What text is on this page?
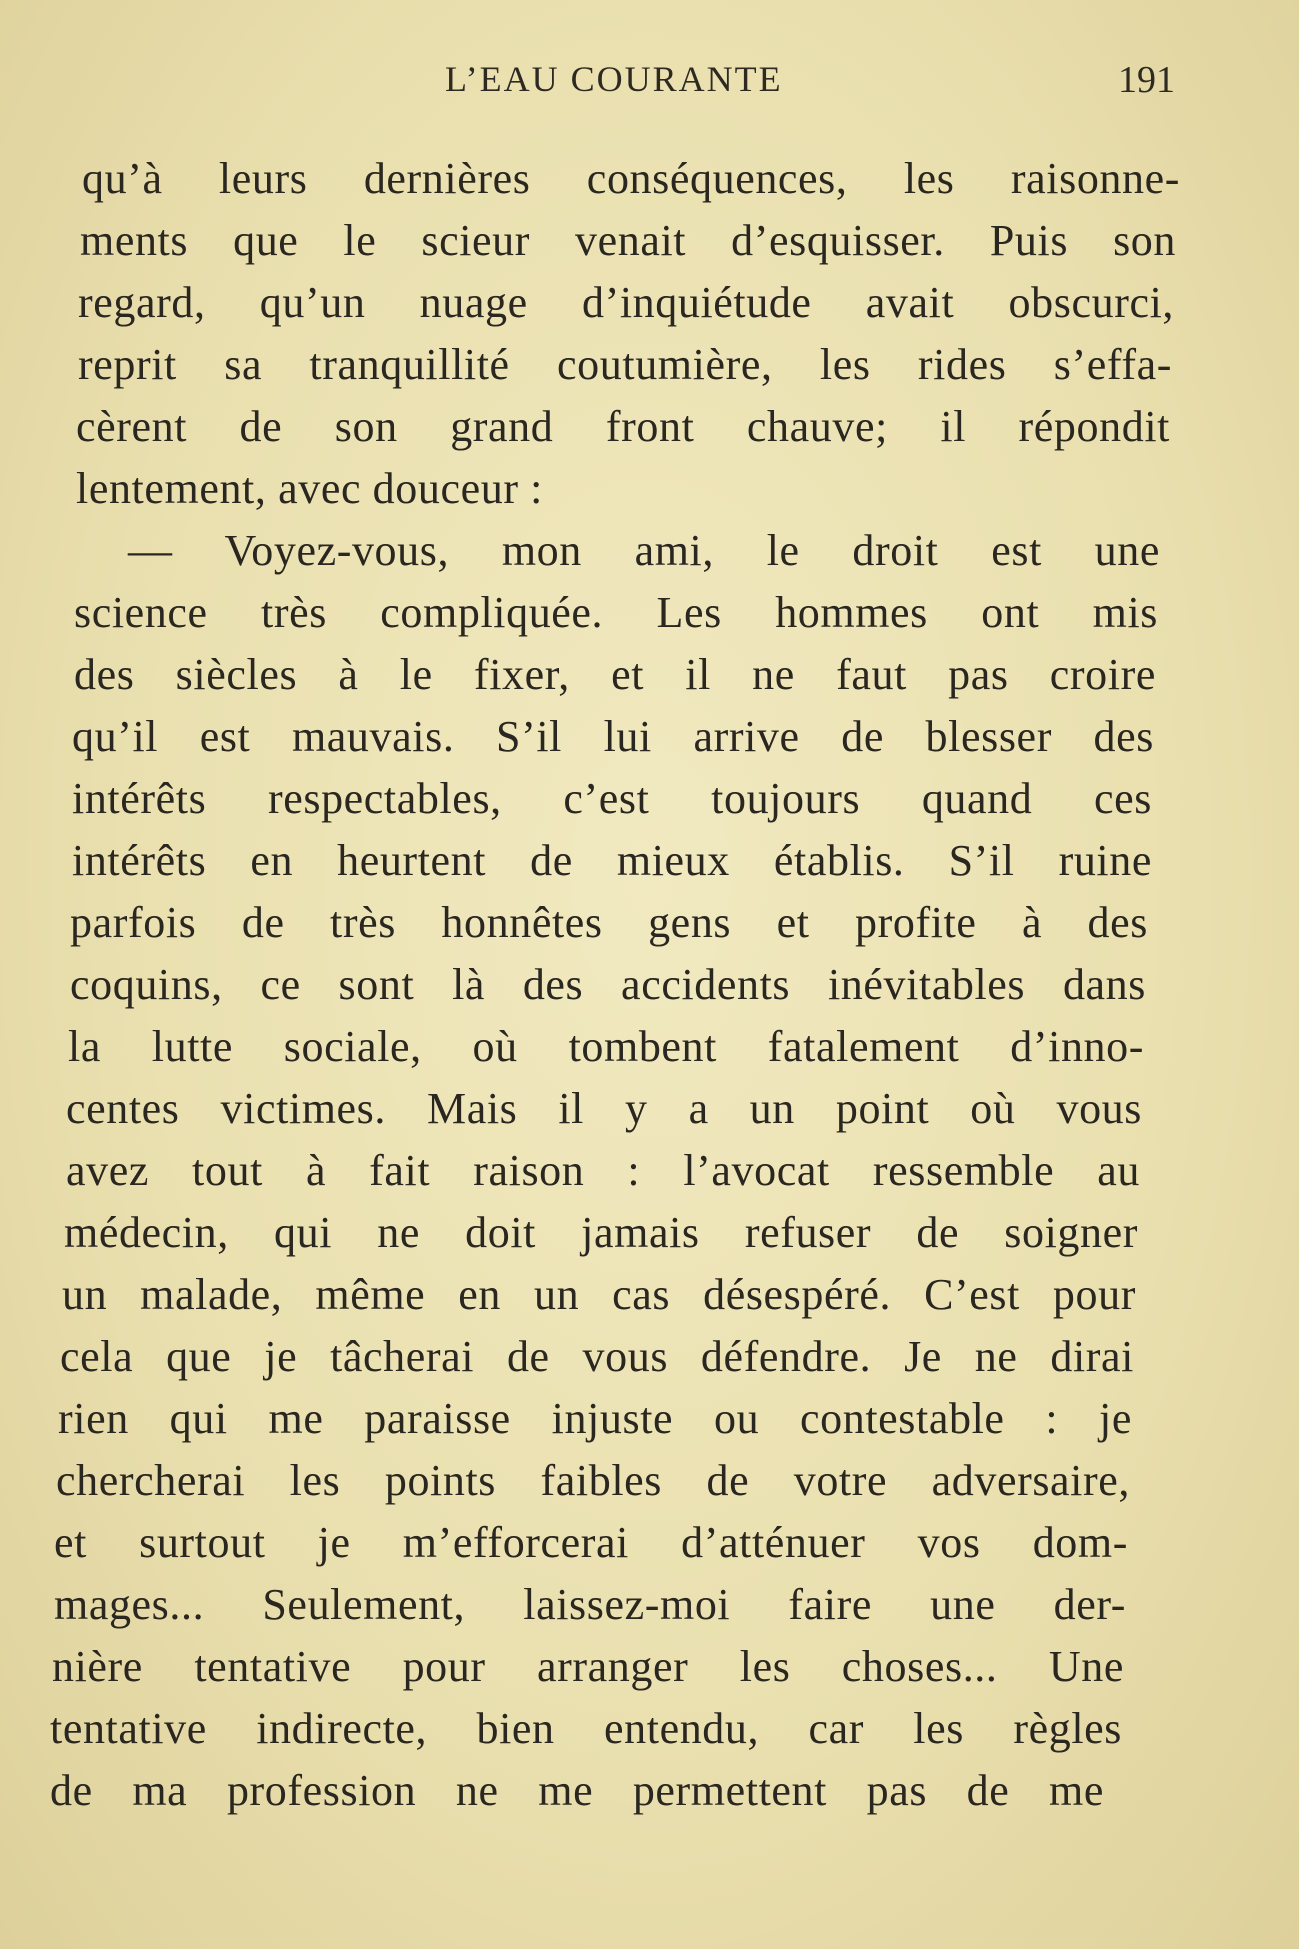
L’EAU COURANTE	191
qu’à leurs dernières conséquences, les raisonne-
ments que le scieur venait d’esquisser. Puis son
regard, qu’un nuage d’inquiétude avait obscurci,
reprit sa tranquillité coutumière, les rides s’effa-
cèrent de son grand front chauve; il répondit
lentement, avec douceur :
— Voyez-vous, mon ami, le droit est une
science très compliquée. Les hommes ont mis
des siècles à le fixer, et il ne faut pas croire
qu’il est mauvais. S’il lui arrive de blesser des
intérêts respectables, c’est toujours quand ces
intérêts en heurtent de mieux établis. S’il ruine
parfois de très honnêtes gens et profite à des
coquins, ce sont là des accidents inévitables dans
la lutte sociale, où tombent fatalement d’inno-
centes victimes. Mais il y a un point où vous
avez tout à fait raison : l’avocat ressemble au
médecin, qui ne doit jamais refuser de soigner
un malade, même en un cas désespéré. C’est pour
cela que je tâcherai de vous défendre. Je ne dirai
rien qui me paraisse injuste ou contestable : je
chercherai les points faibles de votre adversaire,
et surtout je m’efforcerai d’atténuer vos dom-
mages... Seulement, laissez-moi faire une der-
nière tentative pour arranger les choses... Une
tentative indirecte, bien entendu, car les règles
de ma profession ne me permettent pas de me
